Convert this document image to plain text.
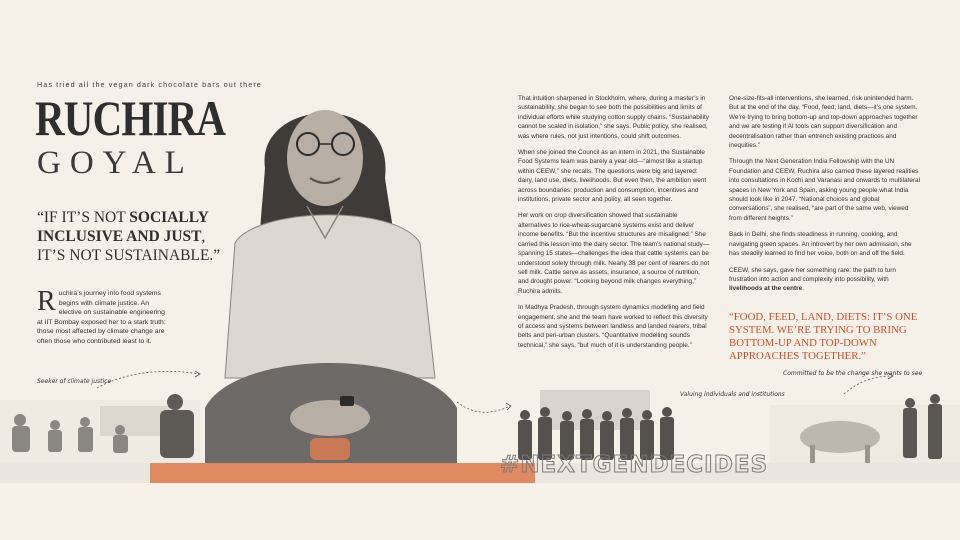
Has tried all the vegan dark chocolate bars out there
RUCHIRA
GOYAL
“IF IT’S NOT SOCIALLY INCLUSIVE AND JUST, IT’S NOT SUSTAINABLE.”
Ruchira’s journey into food systems begins with climate justice. An elective on sustainable engineering at IIT Bombay exposed her to a stark truth: those most affected by climate change are often those who contributed least to it.
Seeker of climate justice

That intuition sharpened in Stockholm, where, during a master’s in sustainability, she began to see both the possibilities and limits of individual efforts while studying cotton supply chains. “Sustainability cannot be scaled in isolation,” she says. Public policy, she realised, was where rules, not just intentions, could shift outcomes.

When she joined the Council as an intern in 2021, the Sustainable Food Systems team was barely a year old—“almost like a startup within CEEW,” she recalls. The questions were big and layered: dairy, land use, diets, livelihoods. But even then, the ambition went across boundaries: production and consumption, incentives and institutions, private sector and policy, all seen together.

Her work on crop diversification showed that sustainable alternatives to rice-wheat-sugarcane systems exist and deliver income benefits. “But the incentive structures are misaligned.” She carried this lesson into the dairy sector. The team’s national study—spanning 15 states—challenges the idea that cattle systems can be understood solely through milk. Nearly 38 per cent of rearers do not sell milk. Cattle serve as assets, insurance, a source of nutrition, and drought power. “Looking beyond milk changes everything,” Ruchira admits.

In Madhya Pradesh, through system dynamics modelling and field engagement, she and the team have worked to reflect this diversity of access and systems between landless and landed rearers, tribal belts and peri-urban clusters. “Quantitative modelling sounds technical,” she says, “but much of it is understanding people.”

One-size-fits-all interventions, she learned, risk unintended harm. But at the end of the day, “Food, feed, land, diets—it’s one system. We’re trying to bring bottom-up and top-down approaches together and we are testing if AI tools can support diversification and decentralisation rather than entrench existing practices and inequities.”

Through the Next Generation India Fellowship with the UN Foundation and CEEW, Ruchira also carried these layered realities into consultations in Kochi and Varanasi and onwards to multilateral spaces in New York and Spain, asking young people what India should look like in 2047. “National choices and global conversations”, she realised, “are part of the same web, viewed from different heights.”

Back in Delhi, she finds steadiness in running, cooking, and navigating green spaces. An introvert by her own admission, she has steadily learned to find her voice, both on and off the field.

CEEW, she says, gave her something rare: the path to turn frustration into action and complexity into possibility, with livelihoods at the centre.

“FOOD, FEED, LAND, DIETS: IT’S ONE SYSTEM. WE’RE TRYING TO BRING BOTTOM-UP AND TOP-DOWN APPROACHES TOGETHER.”
Committed to be the change she wants to see
Valuing individuals and institutions
#NEXTGENDECIDES
